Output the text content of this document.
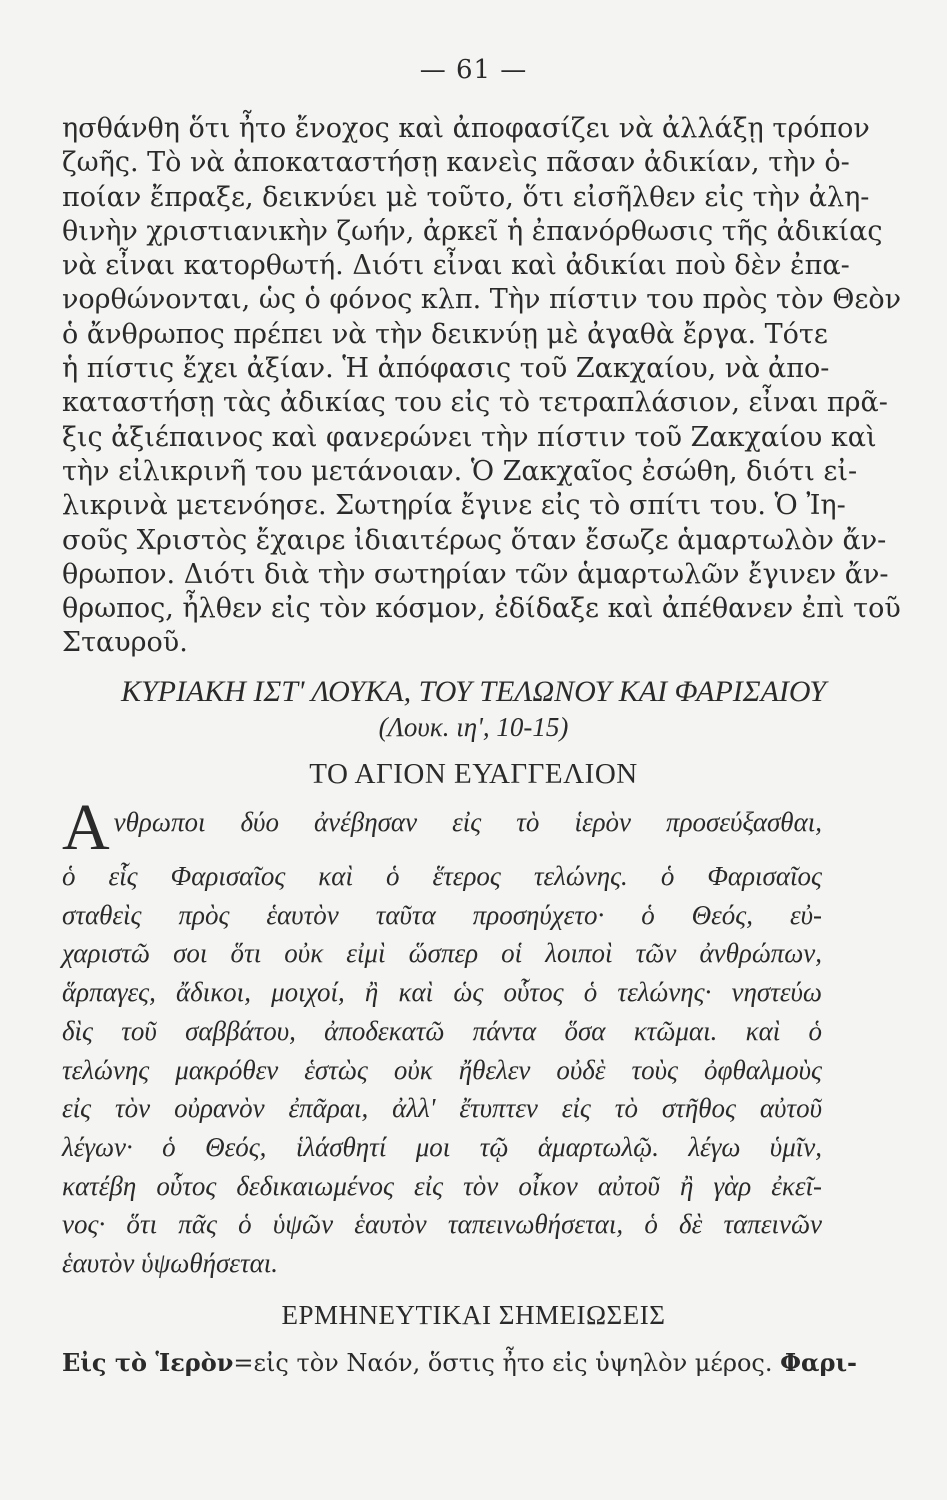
— 61 —
ησθάνθη ὅτι ἦτο ἔνοχος καὶ ἀποφασίζει νὰ ἀλλάξῃ τρόπον
ζωῆς. Τὸ νὰ ἀποκαταστήσῃ κανεὶς πᾶσαν ἀδικίαν, τὴν ὁ-
ποίαν ἔπραξε, δεικνύει μὲ τοῦτο, ὅτι εἰσῆλθεν εἰς τὴν ἀλη-
θινὴν χριστιανικὴν ζωήν, ἀρκεῖ ἡ ἐπανόρθωσις τῆς ἀδικίας
νὰ εἶναι κατορθωτή. Διότι εἶναι καὶ ἀδικίαι ποὺ δὲν ἐπα-
νορθώνονται, ὡς ὁ φόνος κλπ. Τὴν πίστιν του πρὸς τὸν Θεὸν
ὁ ἄνθρωπος πρέπει νὰ τὴν δεικνύῃ μὲ ἀγαθὰ ἔργα. Τότε
ἡ πίστις ἔχει ἀξίαν. Ἡ ἀπόφασις τοῦ Ζακχαίου, νὰ ἀπο-
καταστήσῃ τὰς ἀδικίας του εἰς τὸ τετραπλάσιον, εἶναι πρᾶ-
ξις ἀξιέπαινος καὶ φανερώνει τὴν πίστιν τοῦ Ζακχαίου καὶ
τὴν εἰλικρινῆ του μετάνοιαν. Ὁ Ζακχαῖος ἐσώθη, διότι εἰ-
λικρινὰ μετενόησε. Σωτηρία ἔγινε εἰς τὸ σπίτι του. Ὁ Ἰη-
σοῦς Χριστὸς ἔχαιρε ἰδιαιτέρως ὅταν ἔσωζε ἁμαρτωλὸν ἄν-
θρωπον. Διότι διὰ τὴν σωτηρίαν τῶν ἁμαρτωλῶν ἔγινεν ἄν-
θρωπος, ἦλθεν εἰς τὸν κόσμον, ἐδίδαξε καὶ ἀπέθανεν ἐπὶ τοῦ
Σταυροῦ.
ΚΥΡΙΑΚΗ ΙΣΤ' ΛΟΥΚΑ, ΤΟΥ ΤΕΛΩΝΟΥ ΚΑΙ ΦΑΡΙΣΑΙΟΥ
(Λουκ. ιη', 10-15)
ΤΟ ΑΓΙΟΝ ΕΥΑΓΓΕΛΙΟΝ
Α νθρωποι δύο ἀνέβησαν εἰς τὸ ἱερὸν προσεύξασθαι,
ὁ εἷς Φαρισαῖος καὶ ὁ ἕτερος τελώνης. ὁ Φαρισαῖος
σταθεὶς πρὸς ἑαυτὸν ταῦτα προσηύχετο· ὁ Θεός, εὐ-
χαριστῶ σοι ὅτι οὐκ εἰμὶ ὥσπερ οἱ λοιποὶ τῶν ἀνθρώπων,
ἅρπαγες, ἄδικοι, μοιχοί, ἢ καὶ ὡς οὗτος ὁ τελώνης· νηστεύω
δὶς τοῦ σαββάτου, ἀποδεκατῶ πάντα ὅσα κτῶμαι. καὶ ὁ
τελώνης μακρόθεν ἑστὼς οὐκ ἤθελεν οὐδὲ τοὺς ὀφθαλμοὺς
εἰς τὸν οὐρανὸν ἐπᾶραι, ἀλλ' ἔτυπτεν εἰς τὸ στῆθος αὐτοῦ
λέγων· ὁ Θεός, ἱλάσθητί μοι τῷ ἁμαρτωλῷ. λέγω ὑμῖν,
κατέβη οὗτος δεδικαιωμένος εἰς τὸν οἶκον αὐτοῦ ἢ γὰρ ἐκεῖ-
νος· ὅτι πᾶς ὁ ὑψῶν ἑαυτὸν ταπεινωθήσεται, ὁ δὲ ταπεινῶν
ἑαυτὸν ὑψωθήσεται.
ΕΡΜΗΝΕΥΤΙΚΑΙ ΣΗΜΕΙΩΣΕΙΣ
Εἰς τὸ Ἱερὸν=εἰς τὸν Ναόν, ὅστις ἦτο εἰς ὑψηλὸν μέρος. Φαρι-
